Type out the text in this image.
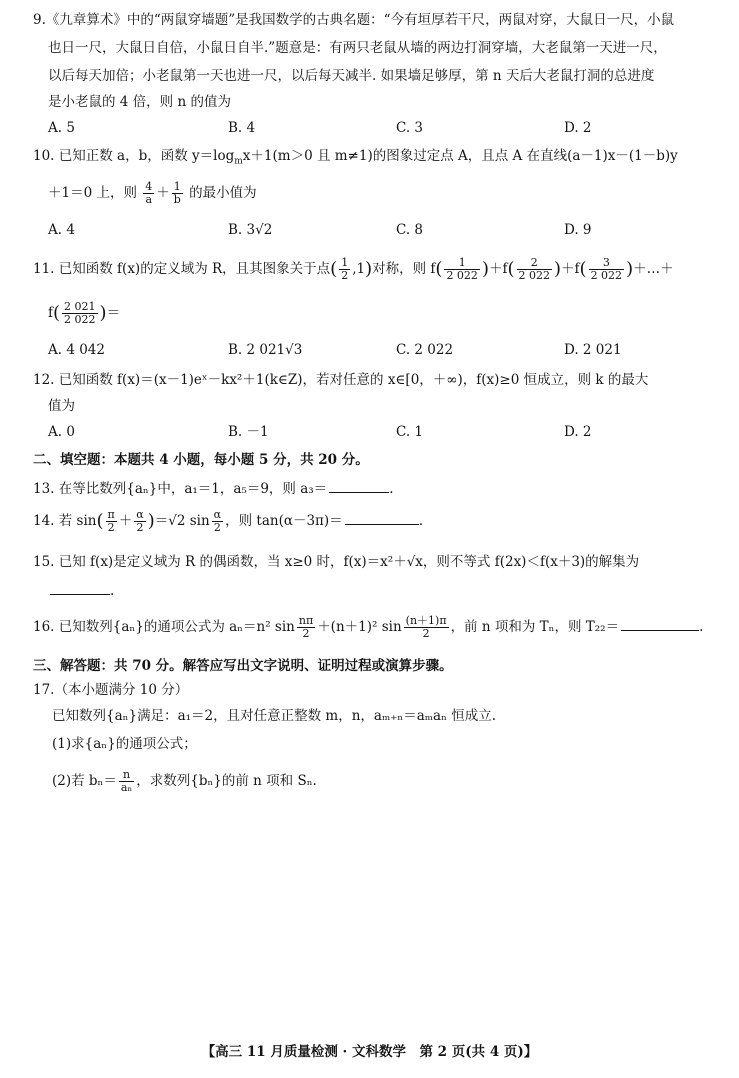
9.《九章算术》中的“两鼠穿墙题”是我国数学的古典名题：“今有垣厚若干尺，两鼠对穿，大鼠日一尺，小鼠
也日一尺，大鼠日自倍，小鼠日自半.”题意是：有两只老鼠从墙的两边打洞穿墙，大老鼠第一天进一尺，
以后每天加倍；小老鼠第一天也进一尺，以后每天减半. 如果墙足够厚，第 n 天后大老鼠打洞的总进度
是小老鼠的 4 倍，则 n 的值为
A. 5	B. 4	C. 3	D. 2
10. 已知正数 a，b，函数 $y=\log_mx+1(m>0$ 且 m≠1)的图象过定点 A，且点 A 在直线(a－1)x－(1－b)y
＋1＝0 上，则 $\frac{4}{a} + \frac{1}{b}$ 的最小值为
A. 4	B. 3√2	C. 8	D. 9
11. 已知函数 f(x)的定义域为 R，且其图象关于点( $\frac{1}{2} ,1$)对称，则 $f( \frac{1}{2 022} )+f( \frac{2}{2 022} )+f( \frac{3}{2 022}$ )＋…＋
$f( \frac{2 021}{2 022}$ )＝
A. 4 042	B. 2 021√3	C. 2 022	D. 2 021
12. 已知函数 f(x)＝(x－1)eˣ－kx²＋1(k∈Z)，若对任意的 x∈[0，＋∞)，f(x)≥0 恒成立，则 k 的最大
值为
A. 0	B. －1	C. 1	D. 2
二、填空题：本题共 4 小题，每小题 5 分，共 20 分。
13. 在等比数列{aₙ}中，a₁＝1，a₅＝9，则 a₃＝	.
14. 若 $\sin( \frac{\pi}{2} + \frac{\alpha}{2} )=√2$ $\sin \frac{\alpha}{2}$ ，则 tan(α－3π)＝	.
15. 已知 f(x)是定义域为 R 的偶函数，当 x≥0 时，f(x)＝x²＋√x，则不等式 f(2x)＜f(x＋3)的解集为
.
16. 已知数列{aₙ}的通项公式为 aₙ＝n² $\sin \frac{n\pi}{2} +(n+1)^2$ $\sin \frac{(n+1)\pi}{2}$ ，前 n 项和为 Tₙ，则 T₂₂＝	.
三、解答题：共 70 分。解答应写出文字说明、证明过程或演算步骤。
17.（本小题满分 10 分）
已知数列{aₙ}满足：a₁＝2，且对任意正整数 m，n，aₘ₊ₙ＝aₘaₙ 恒成立.
(1)求{aₙ}的通项公式；
(2)若 $b_n= \frac{n}{\text{aₙ}}$ ，求数列{bₙ}的前 n 项和 Sₙ.
【高三 11 月质量检测 · 文科数学　第 2 页(共 4 页)】
